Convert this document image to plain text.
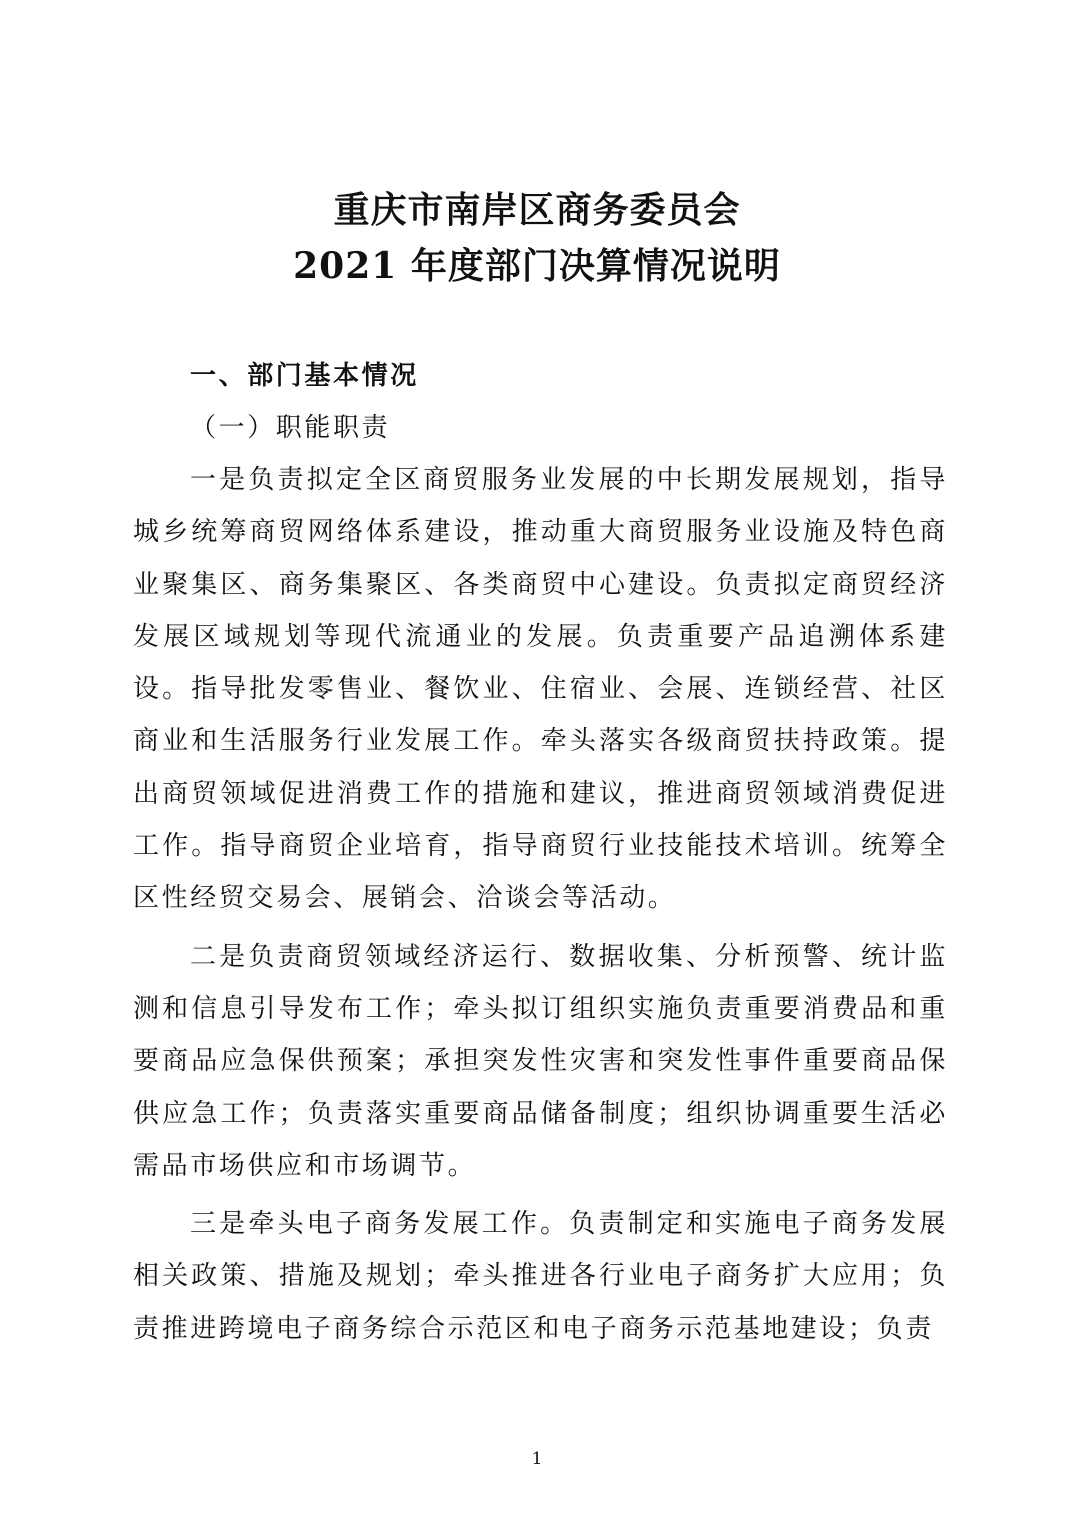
重庆市南岸区商务委员会
2021 年度部门决算情况说明
一、部门基本情况
（一）职能职责

一是负责拟定全区商贸服务业发展的中长期发展规划，指导城乡统筹商贸网络体系建设，推动重大商贸服务业设施及特色商业聚集区、商务集聚区、各类商贸中心建设。负责拟定商贸经济发展区域规划等现代流通业的发展。负责重要产品追溯体系建设。指导批发零售业、餐饮业、住宿业、会展、连锁经营、社区商业和生活服务行业发展工作。牵头落实各级商贸扶持政策。提出商贸领域促进消费工作的措施和建议，推进商贸领域消费促进工作。指导商贸企业培育，指导商贸行业技能技术培训。统筹全区性经贸交易会、展销会、洽谈会等活动。

二是负责商贸领域经济运行、数据收集、分析预警、统计监测和信息引导发布工作；牵头拟订组织实施负责重要消费品和重要商品应急保供预案；承担突发性灾害和突发性事件重要商品保供应急工作；负责落实重要商品储备制度；组织协调重要生活必需品市场供应和市场调节。

三是牵头电子商务发展工作。负责制定和实施电子商务发展相关政策、措施及规划；牵头推进各行业电子商务扩大应用；负责推进跨境电子商务综合示范区和电子商务示范基地建设；负责

1
